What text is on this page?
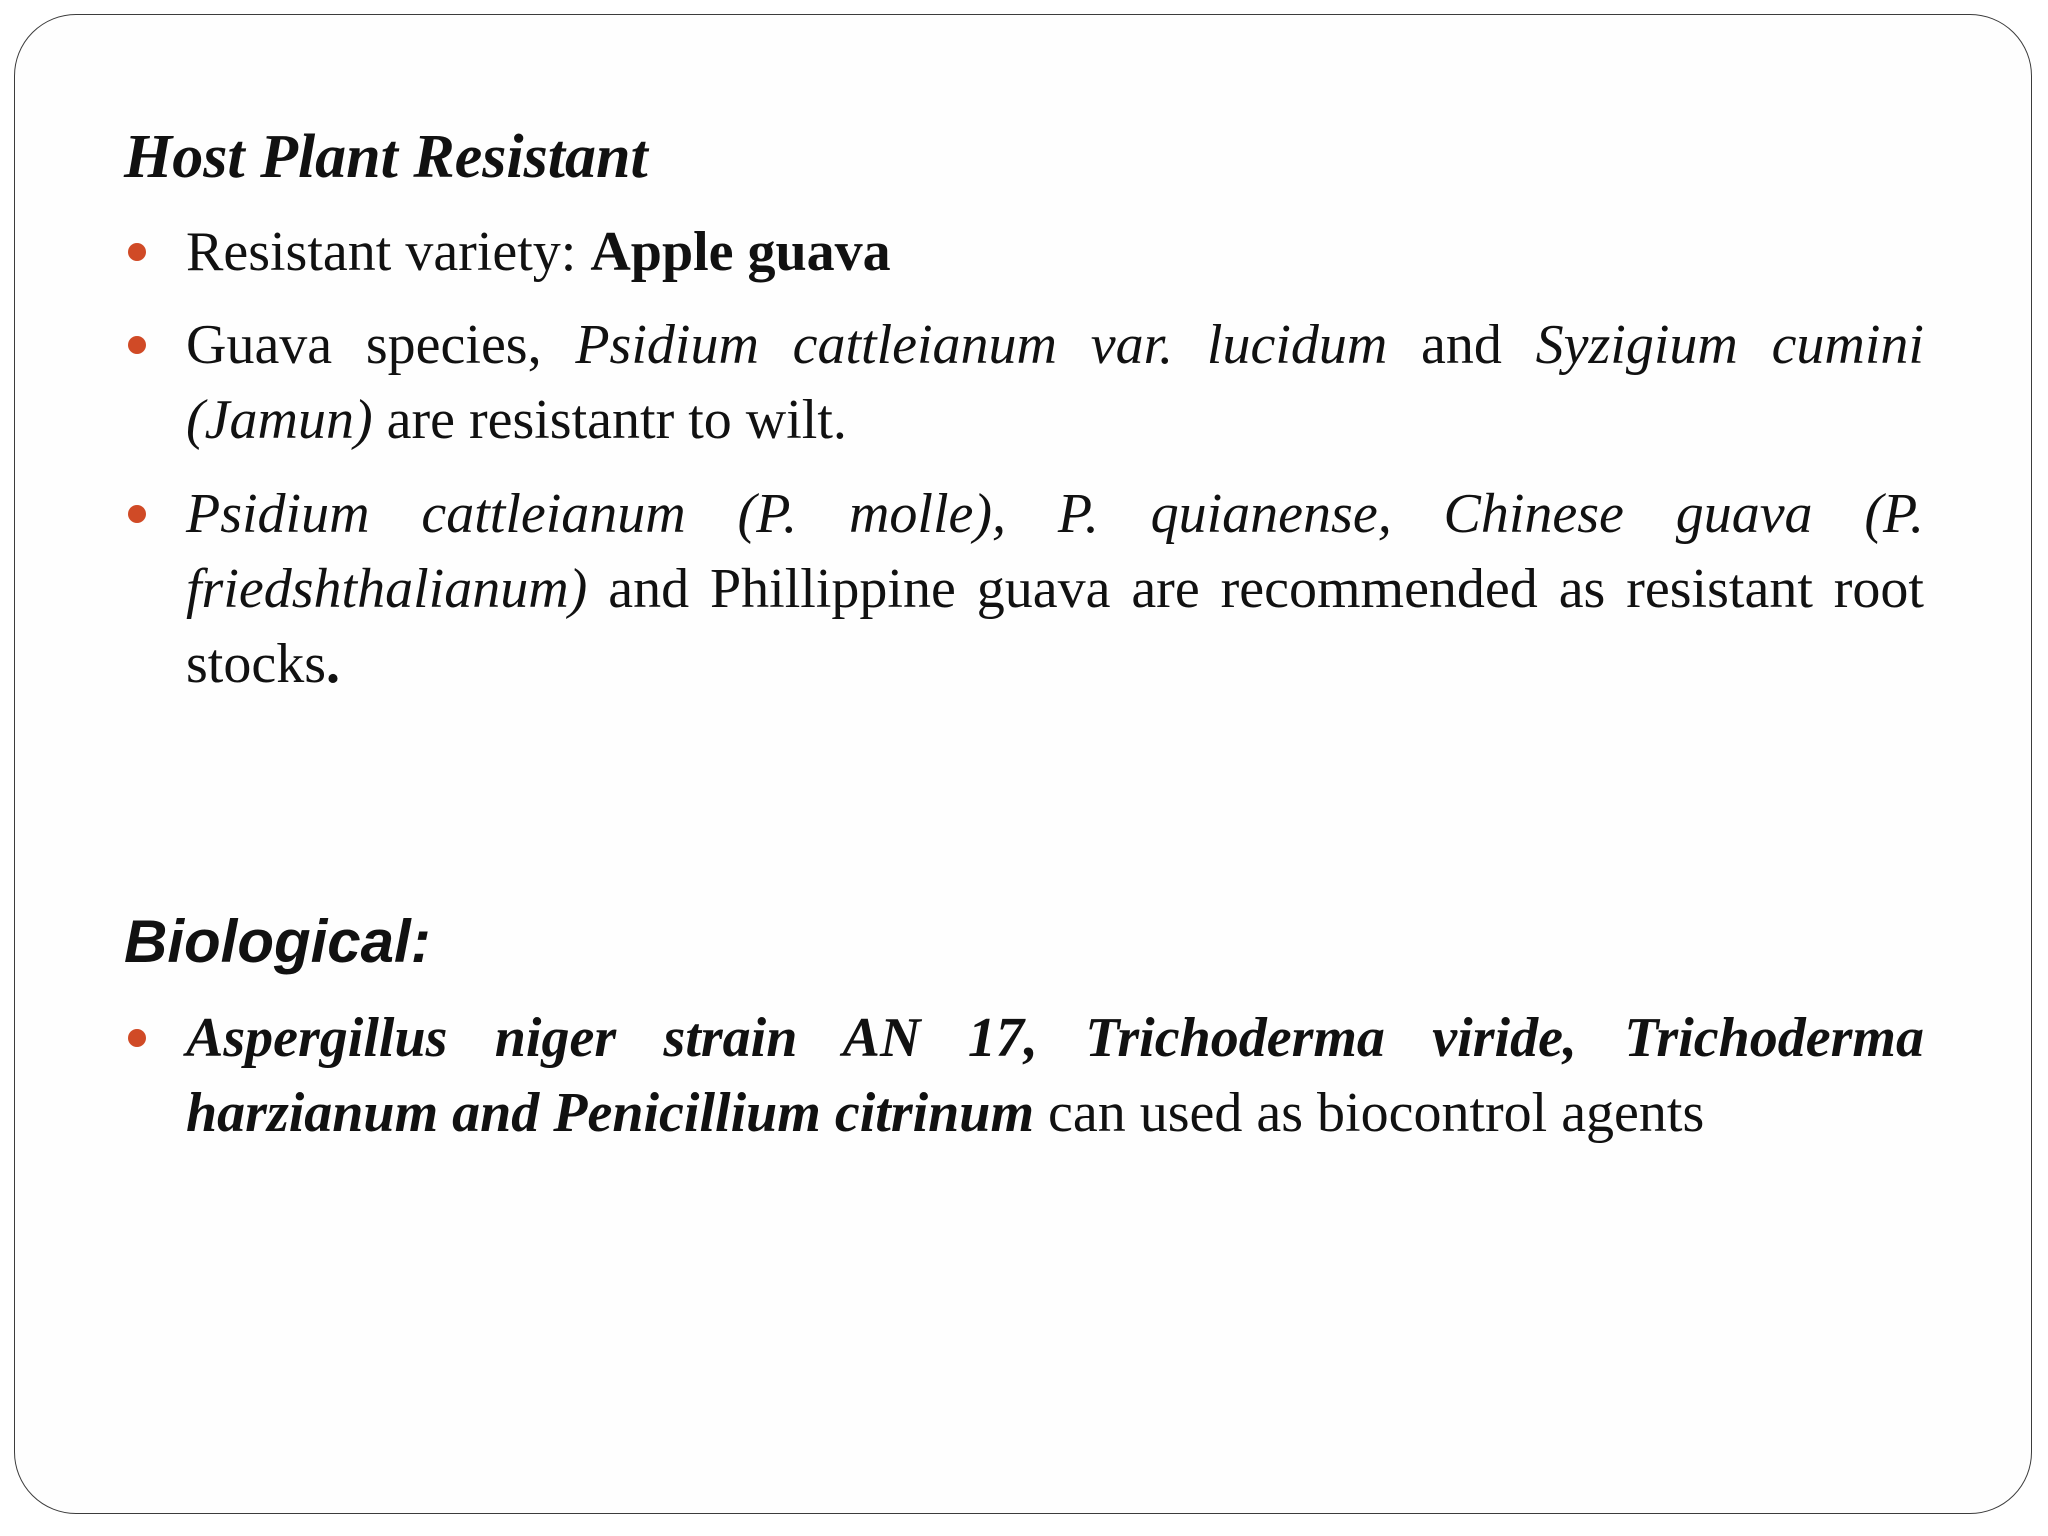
Host Plant Resistant
Resistant variety: Apple guava
Guava species, Psidium cattleianum var. lucidum and Syzigium cumini (Jamun) are resistantr to wilt.
Psidium cattleianum (P. molle), P. quianense, Chinese guava (P. friedshthalianum) and Phillippine guava are recommended as resistant root stocks.
Biological:
Aspergillus niger strain AN 17, Trichoderma viride, Trichoderma harzianum and Penicillium citrinum can used as biocontrol agents
